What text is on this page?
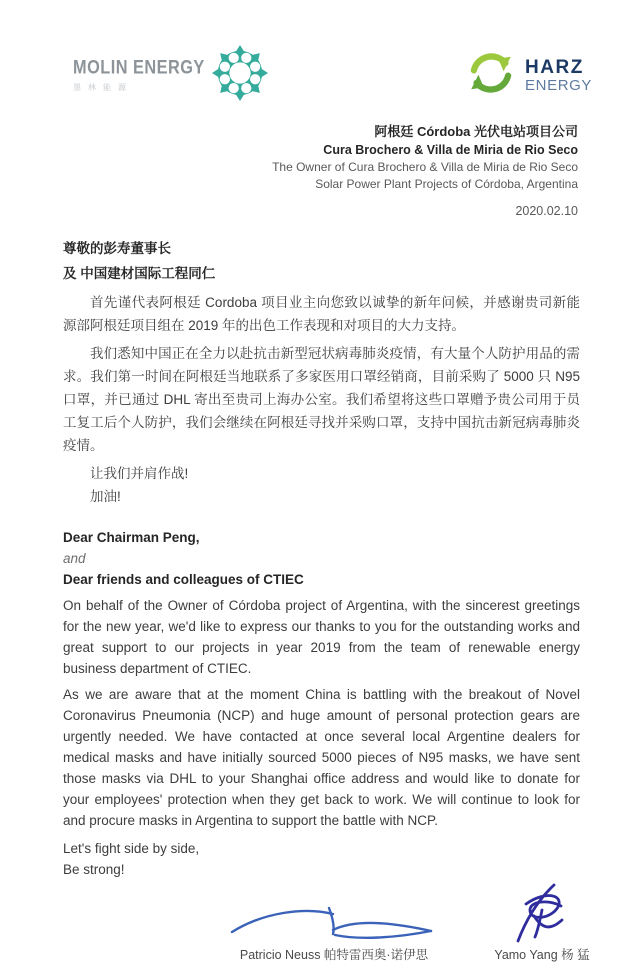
MOLIN ENERGY
墨林能源
HARZ
ENERGY
阿根廷 Córdoba 光伏电站项目公司
Cura Brochero & Villa de Miria de Rio Seco
The Owner of Cura Brochero & Villa de Miria de Rio Seco
Solar Power Plant Projects of Córdoba, Argentina
2020.02.10
尊敬的彭寿董事长
及 中国建材国际工程同仁

首先谨代表阿根廷 Cordoba 项目业主向您致以诚挚的新年问候，并感谢贵司新能源部阿根廷项目组在 2019 年的出色工作表现和对项目的大力支持。

我们悉知中国正在全力以赴抗击新型冠状病毒肺炎疫情，有大量个人防护用品的需求。我们第一时间在阿根廷当地联系了多家医用口罩经销商，目前采购了 5000 只 N95 口罩，并已通过 DHL 寄出至贵司上海办公室。我们希望将这些口罩赠予贵公司用于员工复工后个人防护，我们会继续在阿根廷寻找并采购口罩，支持中国抗击新冠病毒肺炎疫情。

让我们并肩作战!

加油!

Dear Chairman Peng,
and
Dear friends and colleagues of CTIEC

On behalf of the Owner of Córdoba project of Argentina, with the sincerest greetings for the new year, we'd like to express our thanks to you for the outstanding works and great support to our projects in year 2019 from the team of renewable energy business department of CTIEC.

As we are aware that at the moment China is battling with the breakout of Novel Coronavirus Pneumonia (NCP) and huge amount of personal protection gears are urgently needed. We have contacted at once several local Argentine dealers for medical masks and have initially sourced 5000 pieces of N95 masks, we have sent those masks via DHL to your Shanghai office address and would like to donate for your employees' protection when they get back to work. We will continue to look for and procure masks in Argentina to support the battle with NCP.

Let's fight side by side,

Be strong!

Patricio Neuss 帕特雷西奥·诺伊思	Yamo Yang 杨 猛
